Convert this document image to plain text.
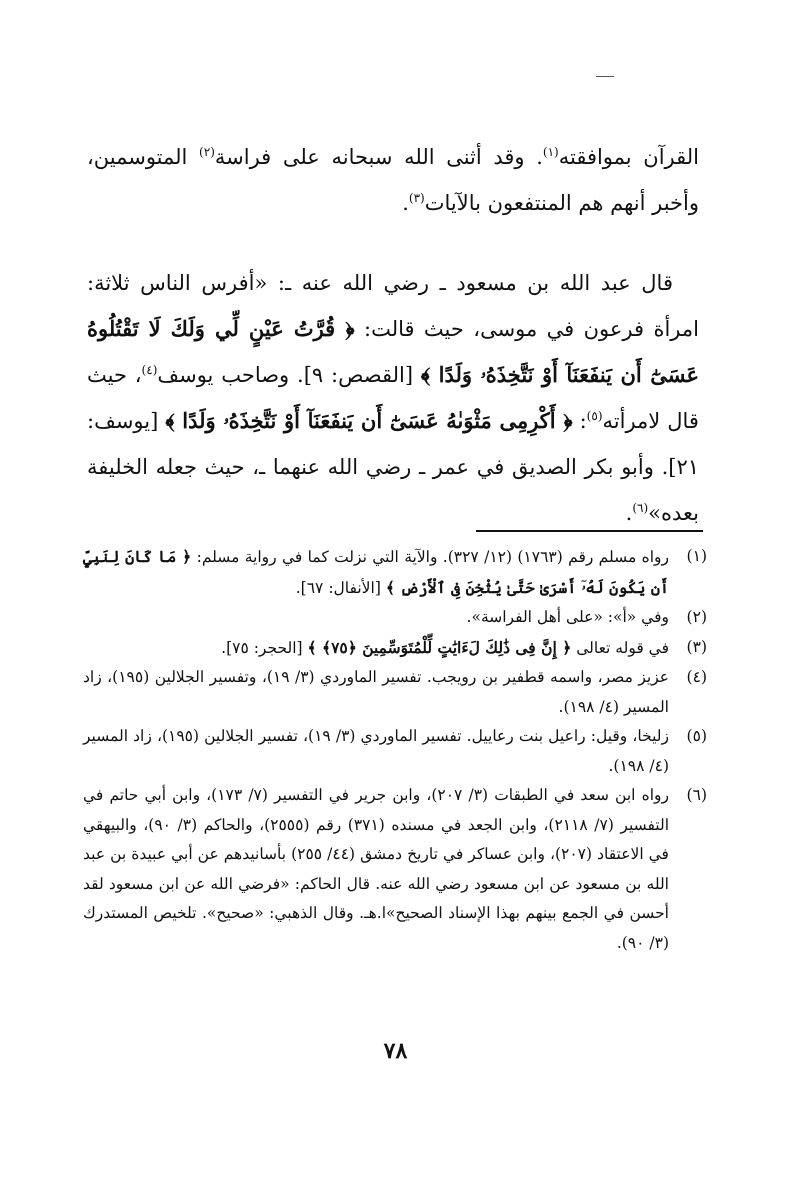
القرآن بموافقته$^{(١)}$. وقد أثنى الله سبحانه على فراسة$^{(٢)}$ المتوسمين، وأخبر أنهم هم المنتفعون بالآيات$^{(٣)}$.

قال عبد الله بن مسعود ـ رضي الله عنه ـ: «أفرس الناس ثلاثة: امرأة فرعون في موسى، حيث قالت: ﴿ قُرَّتُ عَيْنٍ لِّي وَلَكَ لَا تَقْتُلُوهُ عَسَىٰٓ أَن يَنفَعَنَآ أَوْ نَتَّخِذَهُۥ وَلَدًا ﴾ [القصص: ٩]. وصاحب يوسف$^{(٤)}$، حيث قال لامرأته$^{(٥)}$: ﴿ أَكْرِمِى مَثْوَىٰهُ عَسَىٰٓ أَن يَنفَعَنَآ أَوْ نَتَّخِذَهُۥ وَلَدًا ﴾ [يوسف: ٢١]. وأبو بكر الصديق في عمر ـ رضي الله عنهما ـ، حيث جعله الخليفة بعده»$^{(٦)}$.

(١)
رواه مسلم رقم (١٧٦٣) (١٢/ ٣٢٧). والآية التي نزلت كما في رواية مسلم: ﴿ مَا كَانَ لِنَبِيٍّ أَن يَكُونَ لَهُۥٓ أَسْرَىٰ حَتَّىٰ يُثْخِنَ فِى ٱلْأَرْضِ ﴾ [الأنفال: ٦٧].
(٢)
وفي «أ»: «على أهل الفراسة».
(٣)
في قوله تعالى ﴿ إِنَّ فِى ذَٰلِكَ لَءَايَٰتٍ لِّلْمُتَوَسِّمِينَ ﴿٧٥﴾ ﴾ [الحجر: ٧٥].
(٤)
عزيز مصر، واسمه قطفير بن رويجب. تفسير الماوردي (٣/ ١٩)، وتفسير الجلالين (١٩٥)، زاد المسير (٤/ ١٩٨).
(٥)
زليخا، وقيل: راعيل بنت رعاييل. تفسير الماوردي (٣/ ١٩)، تفسير الجلالين (١٩٥)، زاد المسير (٤/ ١٩٨).
(٦)
رواه ابن سعد في الطبقات (٣/ ٢٠٧)، وابن جرير في التفسير (٧/ ١٧٣)، وابن أبي حاتم في التفسير (٧/ ٢١١٨)، وابن الجعد في مسنده (٣٧١) رقم (٢٥٥٥)، والحاكم (٣/ ٩٠)، والبيهقي في الاعتقاد (٢٠٧)، وابن عساكر في تاريخ دمشق (٤٤/ ٢٥٥) بأسانيدهم عن أبي عبيدة بن عبد الله بن مسعود عن ابن مسعود رضي الله عنه. قال الحاكم: «فرضي الله عن ابن مسعود لقد أحسن في الجمع بينهم بهذا الإسناد الصحيح»ا.هـ. وقال الذهبي: «صحيح». تلخيص المستدرك (٣/ ٩٠).
٧٨
